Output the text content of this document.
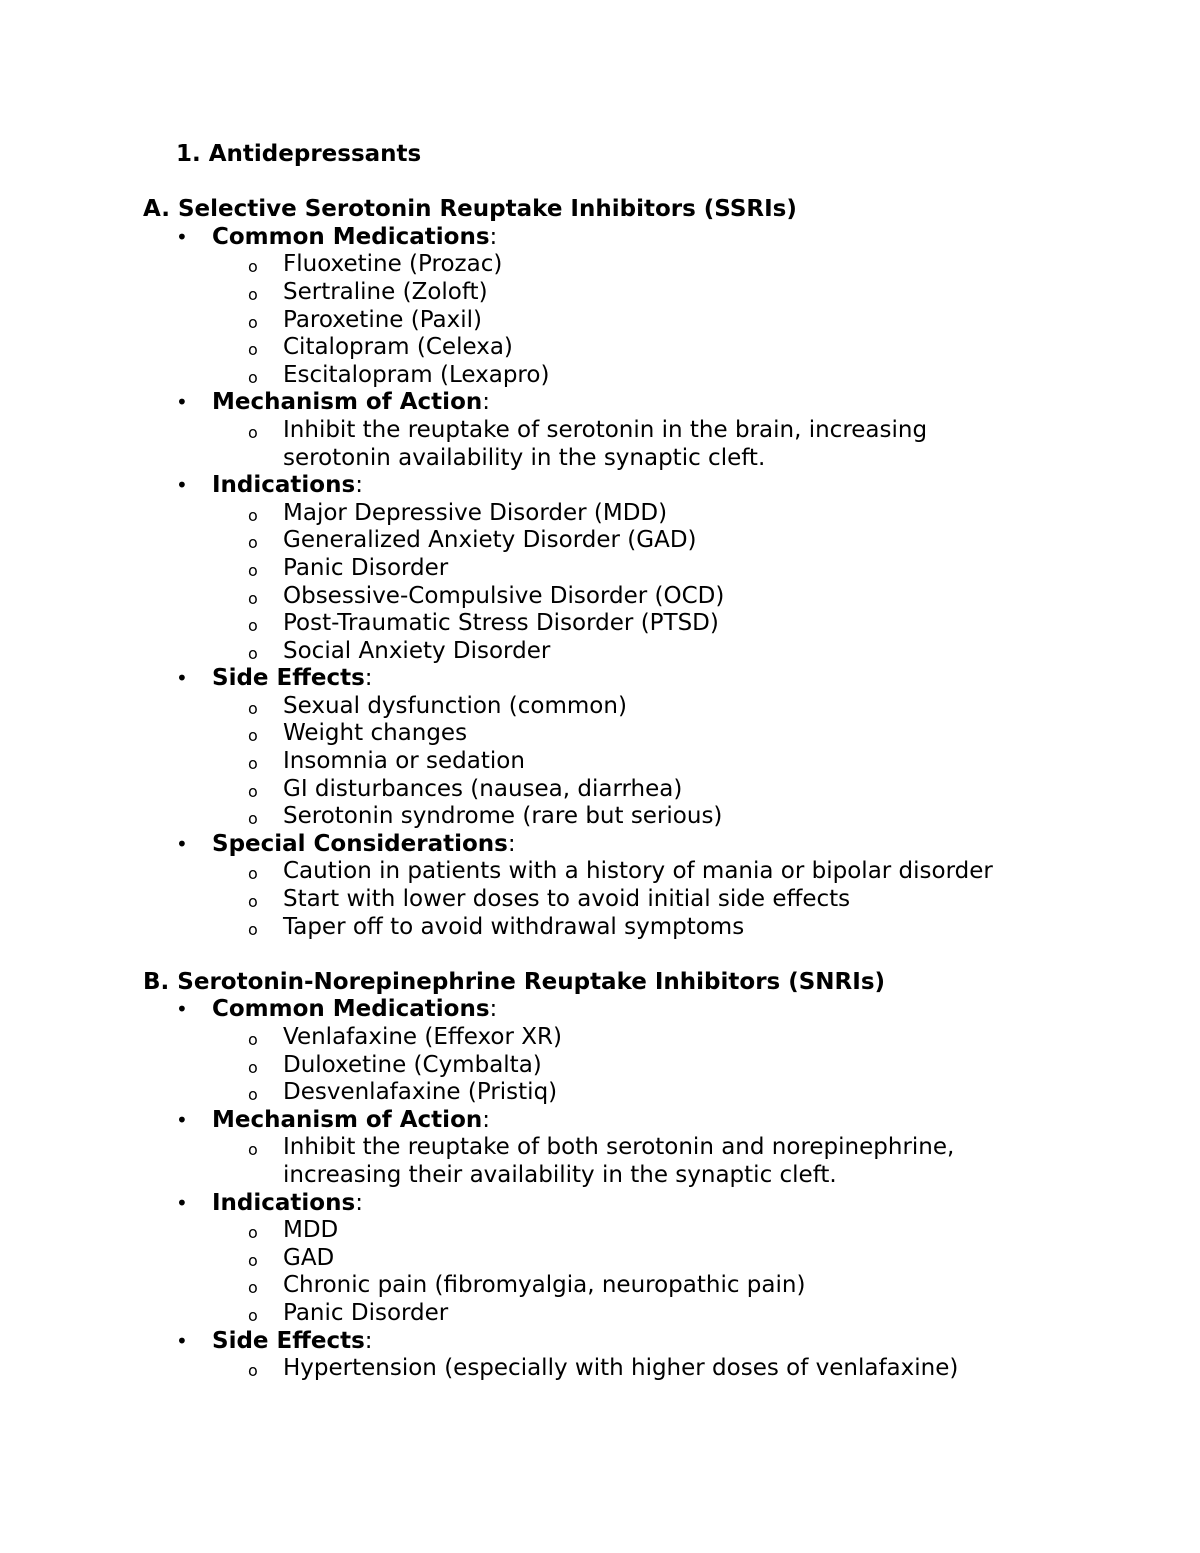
1. Antidepressants
A. Selective Serotonin Reuptake Inhibitors (SSRIs)
•	Common Medications:
o Fluoxetine (Prozac)
o Sertraline (Zoloft)
o Paroxetine (Paxil)
o Citalopram (Celexa)
o Escitalopram (Lexapro)
•	Mechanism of Action:
o Inhibit the reuptake of serotonin in the brain, increasing
serotonin availability in the synaptic cleft.
•	Indications:
o Major Depressive Disorder (MDD)
o Generalized Anxiety Disorder (GAD)
o Panic Disorder
o Obsessive-Compulsive Disorder (OCD)
o Post-Traumatic Stress Disorder (PTSD)
o Social Anxiety Disorder
•	Side Effects:
o Sexual dysfunction (common)
o Weight changes
o Insomnia or sedation
o GI disturbances (nausea, diarrhea)
o Serotonin syndrome (rare but serious)
•	Special Considerations:
o Caution in patients with a history of mania or bipolar disorder
o Start with lower doses to avoid initial side effects
o Taper off to avoid withdrawal symptoms
B. Serotonin-Norepinephrine Reuptake Inhibitors (SNRIs)
•	Common Medications:
o Venlafaxine (Effexor XR)
o Duloxetine (Cymbalta)
o Desvenlafaxine (Pristiq)
•	Mechanism of Action:
o Inhibit the reuptake of both serotonin and norepinephrine,
increasing their availability in the synaptic cleft.
•	Indications:
o MDD
o GAD
o Chronic pain (fibromyalgia, neuropathic pain)
o Panic Disorder
•	Side Effects:
o Hypertension (especially with higher doses of venlafaxine)
